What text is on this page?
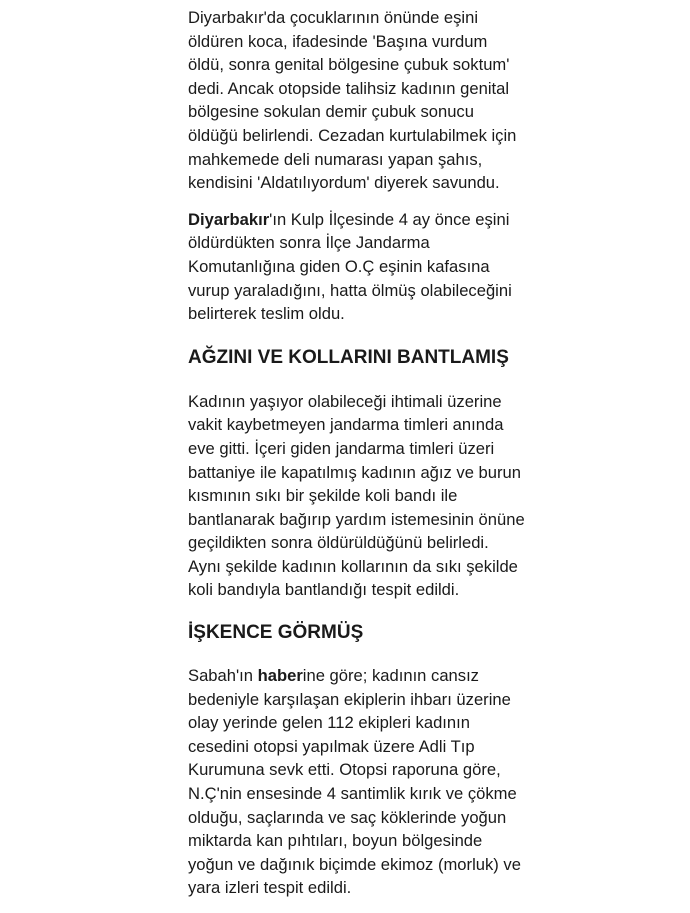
Diyarbakır'da çocuklarının önünde eşini
öldüren koca, ifadesinde 'Başına vurdum
öldü, sonra genital bölgesine çubuk soktum'
dedi. Ancak otopside talihsiz kadının genital
bölgesine sokulan demir çubuk sonucu
öldüğü belirlendi. Cezadan kurtulabilmek için
mahkemede deli numarası yapan şahıs,
kendisini 'Aldatılıyordum' diyerek savundu.

Diyarbakır'ın Kulp İlçesinde 4 ay önce eşini
öldürdükten sonra İlçe Jandarma
Komutanlığına giden O.Ç eşinin kafasına
vurup yaraladığını, hatta ölmüş olabileceğini
belirterek teslim oldu.

AĞZINI VE KOLLARINI BANTLAMIŞ

Kadının yaşıyor olabileceği ihtimali üzerine
vakit kaybetmeyen jandarma timleri anında
eve gitti. İçeri giden jandarma timleri üzeri
battaniye ile kapatılmış kadının ağız ve burun
kısmının sıkı bir şekilde koli bandı ile
bantlanarak bağırıp yardım istemesinin önüne
geçildikten sonra öldürüldüğünü belirledi.
Aynı şekilde kadının kollarının da sıkı şekilde
koli bandıyla bantlandığı tespit edildi.

İŞKENCE GÖRMÜŞ

Sabah'ın haberine göre; kadının cansız
bedeniyle karşılaşan ekiplerin ihbarı üzerine
olay yerinde gelen 112 ekipleri kadının
cesedini otopsi yapılmak üzere Adli Tıp
Kurumuna sevk etti. Otopsi raporuna göre,
N.Ç'nin ensesinde 4 santimlik kırık ve çökme
olduğu, saçlarında ve saç köklerinde yoğun
miktarda kan pıhtıları, boyun bölgesinde
yoğun ve dağınık biçimde ekimoz (morluk) ve
yara izleri tespit edildi.
